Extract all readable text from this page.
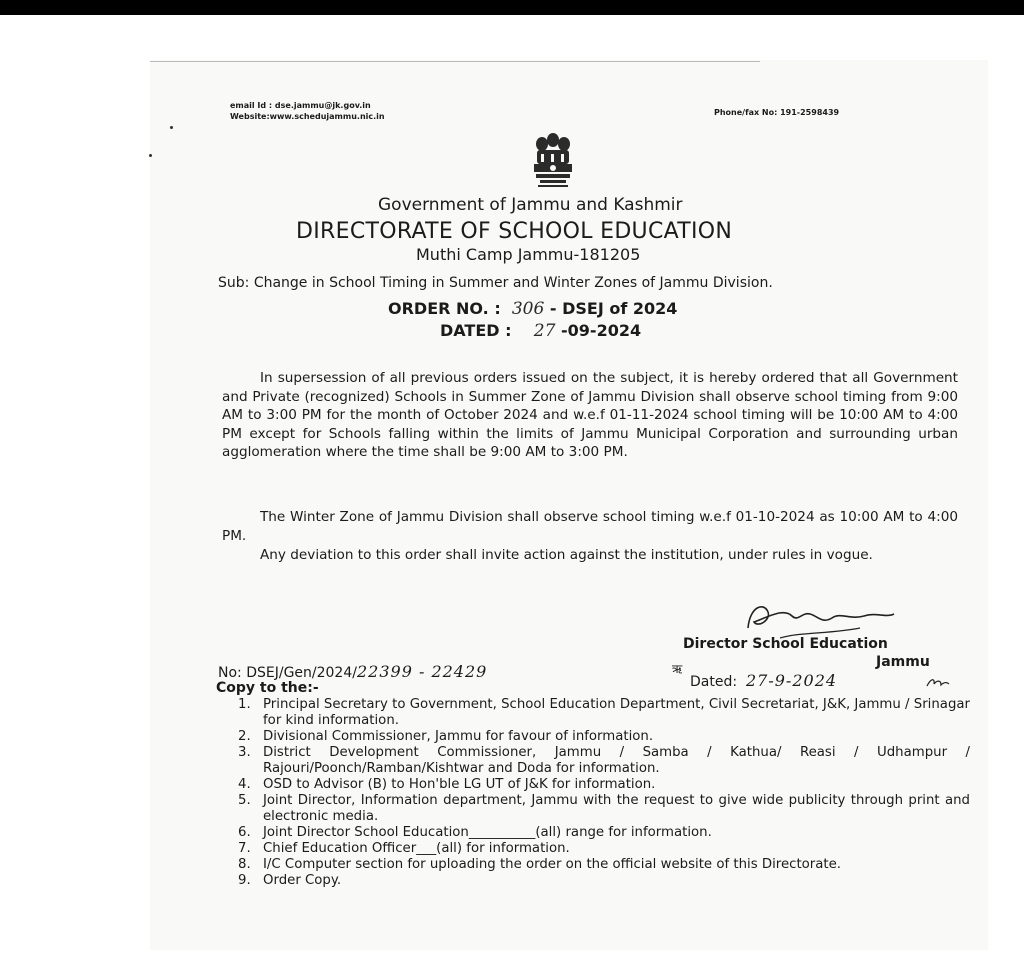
email Id : dse.jammu@jk.gov.in
Website:www.schedujammu.nic.in	Phone/fax No: 191-2598439
Government of Jammu and Kashmir
DIRECTORATE OF SCHOOL EDUCATION
Muthi Camp Jammu-181205
Sub: Change in School Timing in Summer and Winter Zones of Jammu Division.
ORDER NO. : 306 - DSEJ of 2024
DATED : 27 -09-2024

In supersession of all previous orders issued on the subject, it is hereby ordered that all Government and Private (recognized) Schools in Summer Zone of Jammu Division shall observe school timing from 9:00 AM to 3:00 PM for the month of October 2024 and w.e.f 01-11-2024 school timing will be 10:00 AM to 4:00 PM except for Schools falling within the limits of Jammu Municipal Corporation and surrounding urban agglomeration where the time shall be 9:00 AM to 3:00 PM.

The Winter Zone of Jammu Division shall observe school timing w.e.f 01-10-2024 as 10:00 AM to 4:00 PM.

Any deviation to this order shall invite action against the institution, under rules in vogue.

Director School Education
Jammu
No: DSEJ/Gen/2024/22399 - 22429	ऋ
Dated: 27-9-2024
Copy to the:-
1. Principal Secretary to Government, School Education Department, Civil Secretariat, J&K, Jammu / Srinagar for kind information.
2. Divisional Commissioner, Jammu for favour of information.
3. District Development Commissioner, Jammu / Samba / Kathua/ Reasi / Udhampur / Rajouri/Poonch/Ramban/Kishtwar and Doda for information.
4. OSD to Advisor (B) to Hon'ble LG UT of J&K for information.
5. Joint Director, Information department, Jammu with the request to give wide publicity through print and electronic media.
6. Joint Director School Education__________(all) range for information.
7. Chief Education Officer___(all) for information.
8. I/C Computer section for uploading the order on the official website of this Directorate.
9. Order Copy.
